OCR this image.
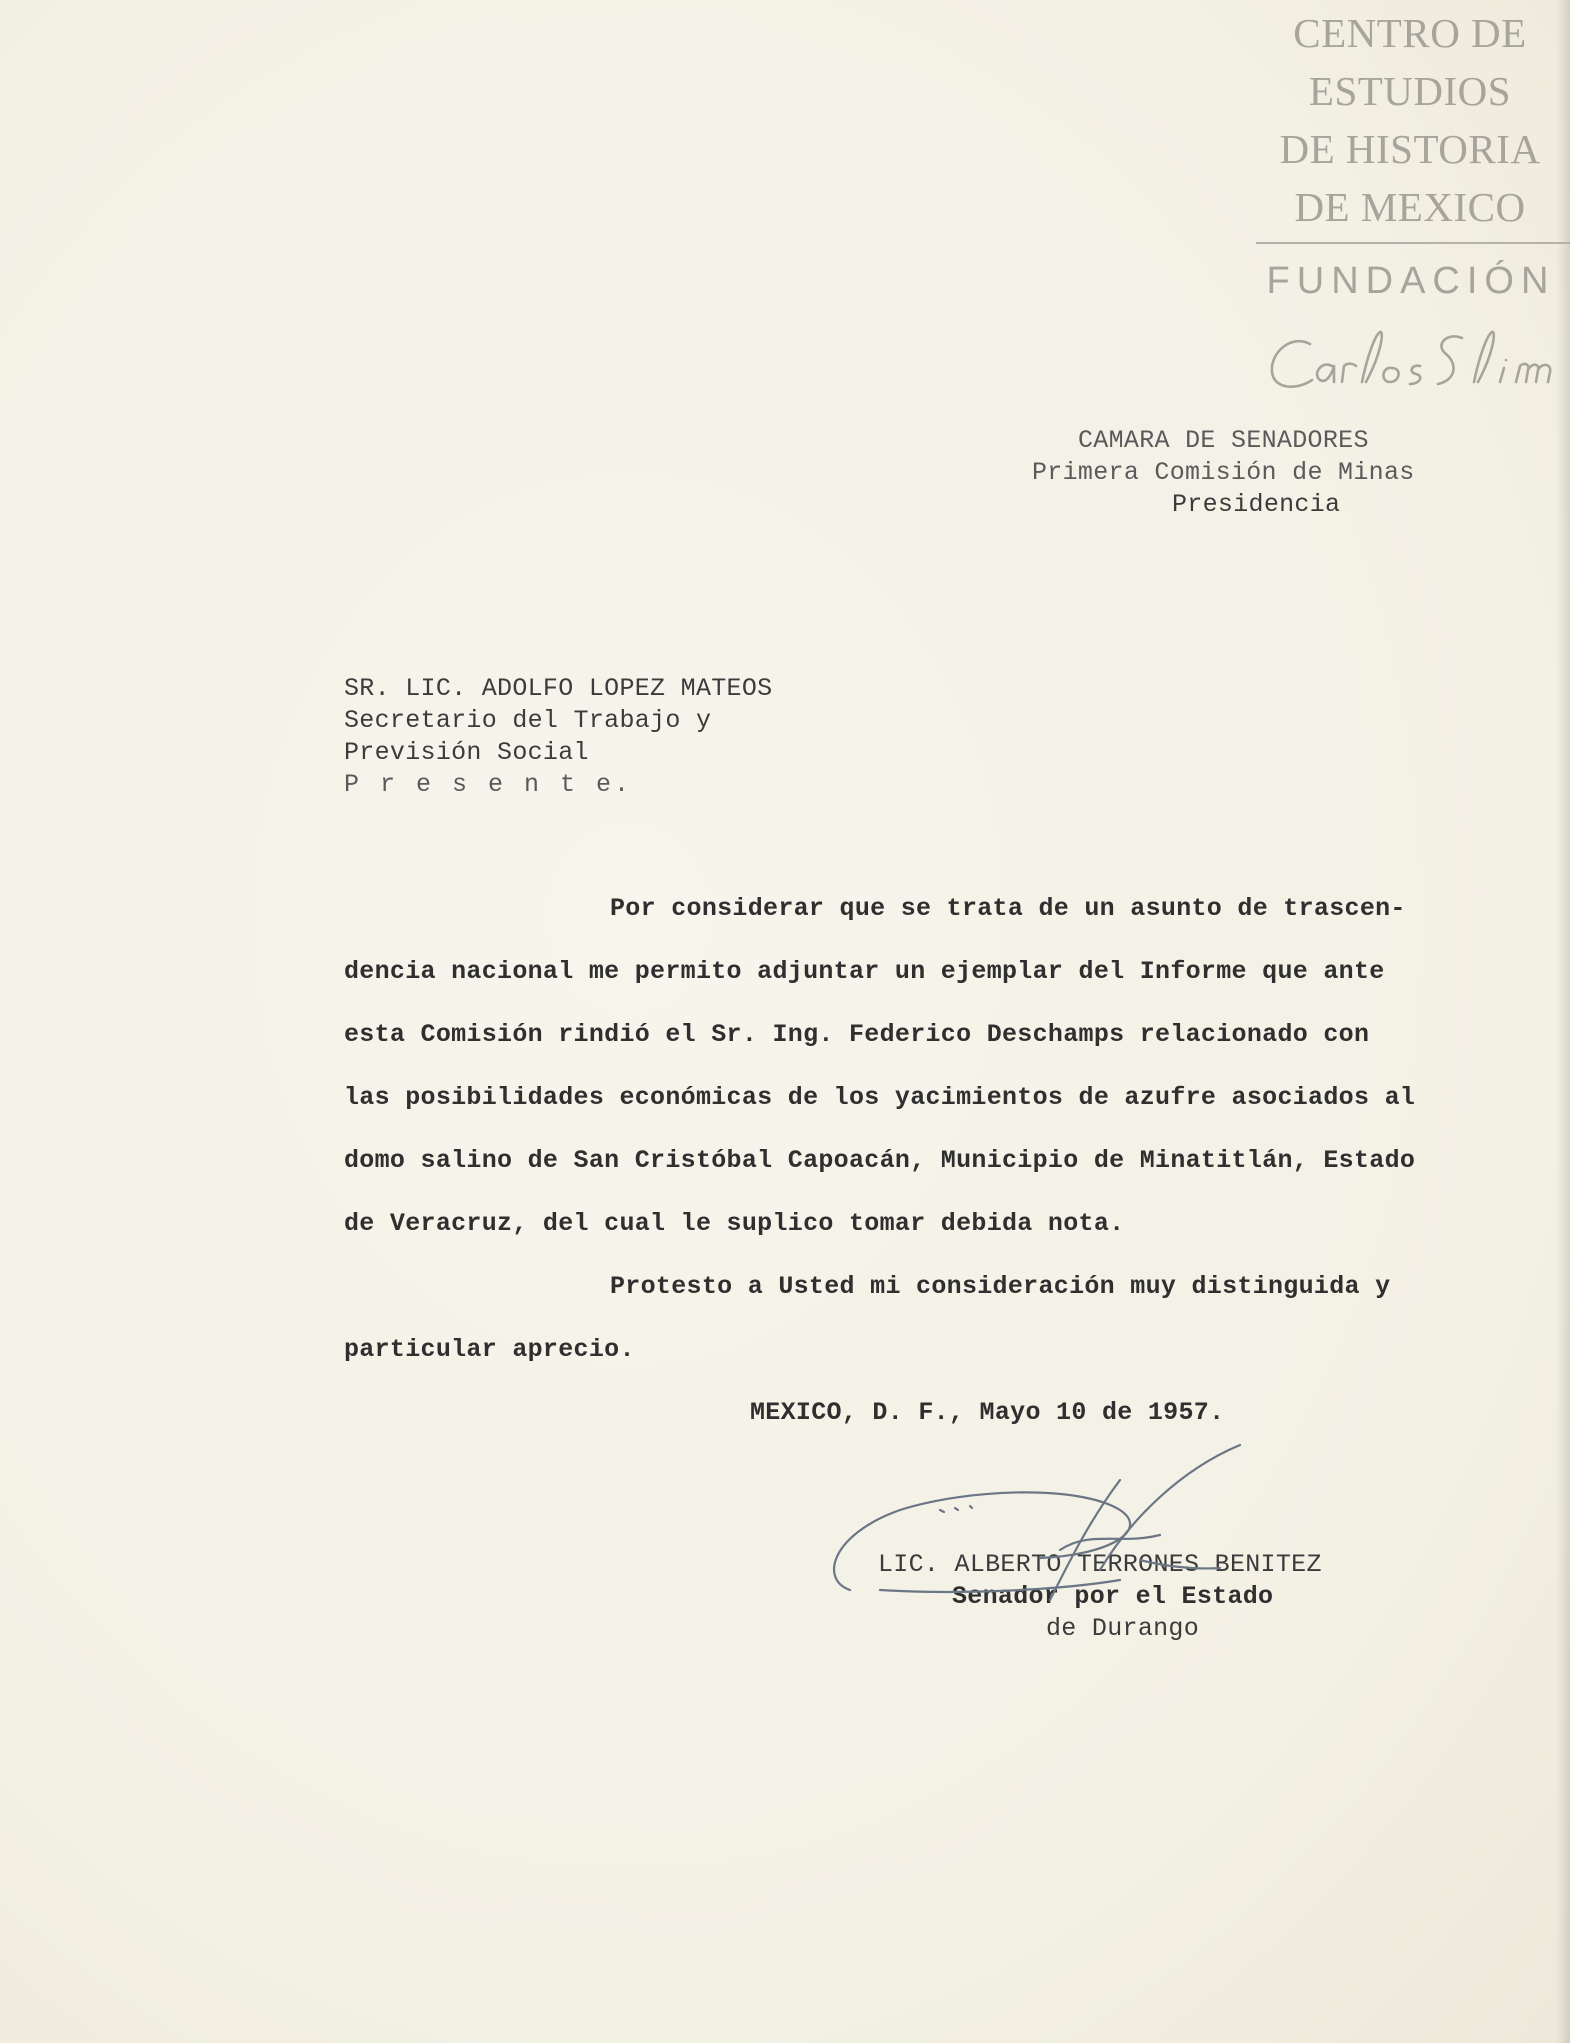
CENTRO DE
ESTUDIOS
DE HISTORIA
DE MEXICO
FUNDACIÓN
CAMARA DE SENADORES
Primera Comisión de Minas
Presidencia
SR. LIC. ADOLFO LOPEZ MATEOS
Secretario del Trabajo y
Previsión Social
P r e s e n t e.
Por considerar que se trata de un asunto de trascen-
dencia nacional me permito adjuntar un ejemplar del Informe que ante
esta Comisión rindió el Sr. Ing. Federico Deschamps relacionado con
las posibilidades económicas de los yacimientos de azufre asociados al
domo salino de San Cristóbal Capoacán, Municipio de Minatitlán, Estado
de Veracruz, del cual le suplico tomar debida nota.
Protesto a Usted mi consideración muy distinguida y
particular aprecio.
MEXICO, D. F., Mayo 10 de 1957.
LIC. ALBERTO TERRONES BENITEZ
Senador por el Estado
de Durango
